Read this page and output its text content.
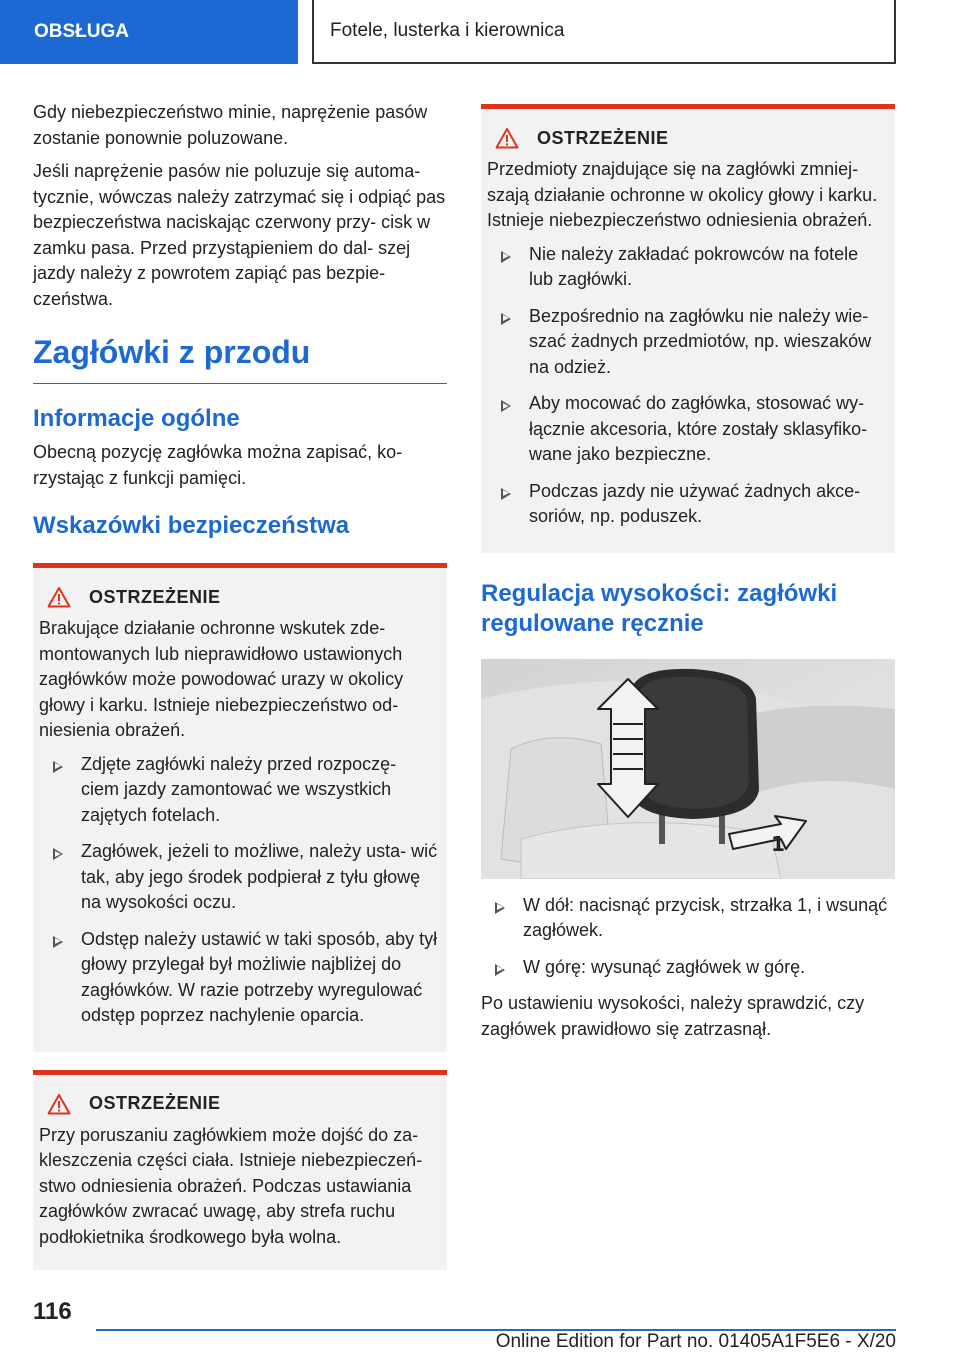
OBSŁUGA	Fotele, lusterka i kierownica

Gdy niebezpieczeństwo minie, naprężenie pasów zostanie ponownie poluzowane.

Jeśli naprężenie pasów nie poluzuje się automa- tycznie, wówczas należy zatrzymać się i odpiąć pas bezpieczeństwa naciskając czerwony przy- cisk w zamku pasa. Przed przystąpieniem do dal- szej jazdy należy z powrotem zapiąć pas bezpie- czeństwa.

Zagłówki z przodu
Informacje ogólne

Obecną pozycję zagłówka można zapisać, ko- rzystając z funkcji pamięci.

Wskazówki bezpieczeństwa
OSTRZEŻENIE

Brakujące działanie ochronne wskutek zde- montowanych lub nieprawidłowo ustawionych zagłówków może powodować urazy w okolicy głowy i karku. Istnieje niebezpieczeństwo od- niesienia obrażeń.

Zdjęte zagłówki należy przed rozpoczę- ciem jazdy zamontować we wszystkich zajętych fotelach.
Zagłówek, jeżeli to możliwe, należy usta- wić tak, aby jego środek podpierał z tyłu głowę na wysokości oczu.
Odstęp należy ustawić w taki sposób, aby tył głowy przylegał był możliwie najbliżej do zagłówków. W razie potrzeby wyregulować odstęp poprzez nachylenie oparcia.
OSTRZEŻENIE

Przy poruszaniu zagłówkiem może dojść do za- kleszczenia części ciała. Istnieje niebezpieczeń- stwo odniesienia obrażeń. Podczas ustawiania zagłówków zwracać uwagę, aby strefa ruchu podłokietnika środkowego była wolna.

OSTRZEŻENIE

Przedmioty znajdujące się na zagłówki zmniej- szają działanie ochronne w okolicy głowy i karku. Istnieje niebezpieczeństwo odniesienia obrażeń.

Nie należy zakładać pokrowców na fotele lub zagłówki.
Bezpośrednio na zagłówku nie należy wie- szać żadnych przedmiotów, np. wieszaków na odzież.
Aby mocować do zagłówka, stosować wy- łącznie akcesoria, które zostały sklasyfiko- wane jako bezpieczne.
Podczas jazdy nie używać żadnych akce- soriów, np. poduszek.
Regulacja wysokości: zagłówki regulowane ręcznie
1
W dół: nacisnąć przycisk, strzałka 1, i wsunąć zagłówek.
W górę: wysunąć zagłówek w górę.

Po ustawieniu wysokości, należy sprawdzić, czy zagłówek prawidłowo się zatrzasnął.

116
Online Edition for Part no. 01405A1F5E6 - X/20
